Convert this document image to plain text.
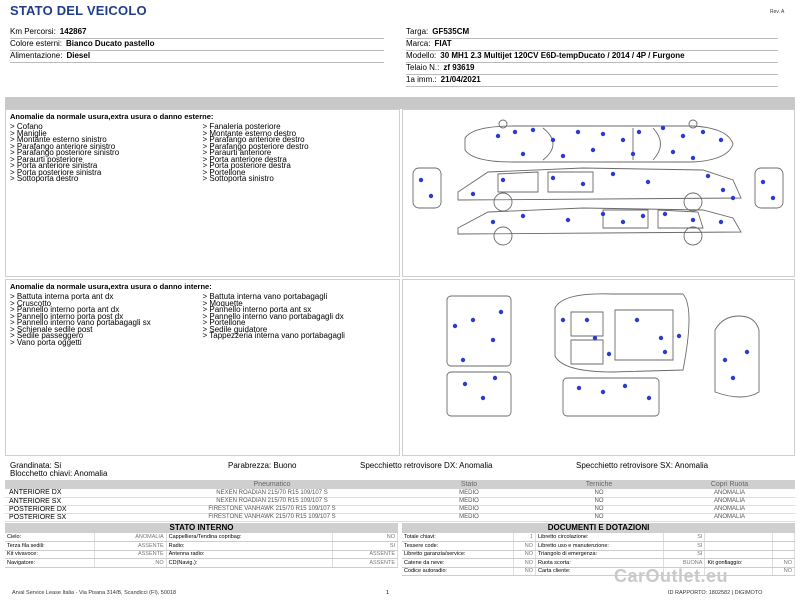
STATO DEL VEICOLO	Rev. A
Km Percorsi: 142867
Colore esterni: Bianco Ducato pastello
Alimentazione: Diesel
Targa: GF535CM
Marca: FIAT
Modello: 30 MH1 2.3 Multijet 120CV E6D-tempDucato / 2014 / 4P / Furgone
Telaio N.: zf 93619
1a imm.: 21/04/2021
Anomalie da normale usura,extra usura o danno esterne:
> Cofano
> Maniglie
> Montante esterno sinistro
> Parafango anteriore sinistro
> Parafango posteriore sinistro
> Paraurti posteriore
> Porta anteriore sinistra
> Porta posteriore sinistra
> Sottoporta destro
> Fanaleria posteriore
> Montante esterno destro
> Parafango anteriore destro
> Parafango posteriore destro
> Paraurti anteriore
> Porta anteriore destra
> Porta posteriore destra
> Portellone
> Sottoporta sinistro
Anomalie da normale usura,extra usura o danno interne:
> Battuta interna porta ant dx
> Cruscotto
> Pannello interno porta ant dx
> Pannello interno porta post dx
> Pannello interno vano portabagagli sx
> Schienale sedile post
> Sedile passeggero
> Vano porta oggetti
> Battuta interna vano portabagagli
> Moquette
> Pannello interno porta ant sx
> Pannello interno vano portabagagli dx
> Portellone
> Sedile guidatore
> Tappezzeria interna vano portabagagli
Grandinata: Si	Parabrezza: Buono	Specchietto retrovisore DX: Anomalia	Specchietto retrovisore SX: Anomalia
Blocchetto chiavi: Anomalia
	Pneumatico	Stato	Terniche	Copri Ruota
ANTERIORE DX	NEXEN ROADIAN 215/70 R15 109/107 S	MEDIO	NO	ANOMALIA
ANTERIORE SX	NEXEN ROADIAN 215/70 R15 109/107 S	MEDIO	NO	ANOMALIA
POSTERIORE DX	FIRESTONE VANHAWK 215/70 R15 109/107 S	MEDIO	NO	ANOMALIA
POSTERIORE SX	FIRESTONE VANHAWK 215/70 R15 109/107 S	MEDIO	NO	ANOMALIA
STATO INTERNO
Cielo:	ANOMALIA	Cappelliera/Tendina copribag:	NO
Terza fila sedili:	ASSENTE	Radio:	SI
Kit vivavoce:	ASSENTE	Antenna radio:	ASSENTE
Navigatore:	NO	CD(Navig.):	ASSENTE
DOCUMENTI E DOTAZIONI
Totale chiavi:	1	Libretto circolazione:	SI		
Tessere code:	NO	Libretto uso e manutenzione:	SI		
Libretto garanzia/service:	NO	Triangolo di emergenza:	SI		
Catene da neve:	NO	Ruota scorta:	BUONA	Kit gonfiaggio:	NO
Codice autoradio:	NO	Carta cliente:			NO
CarOutlet.eu
Arval Service Lease Italia - Via Pisana 314/B, Scandicci (FI), 50018	1	ID RAPPORTO: 1802582 | DIGIMOTO
